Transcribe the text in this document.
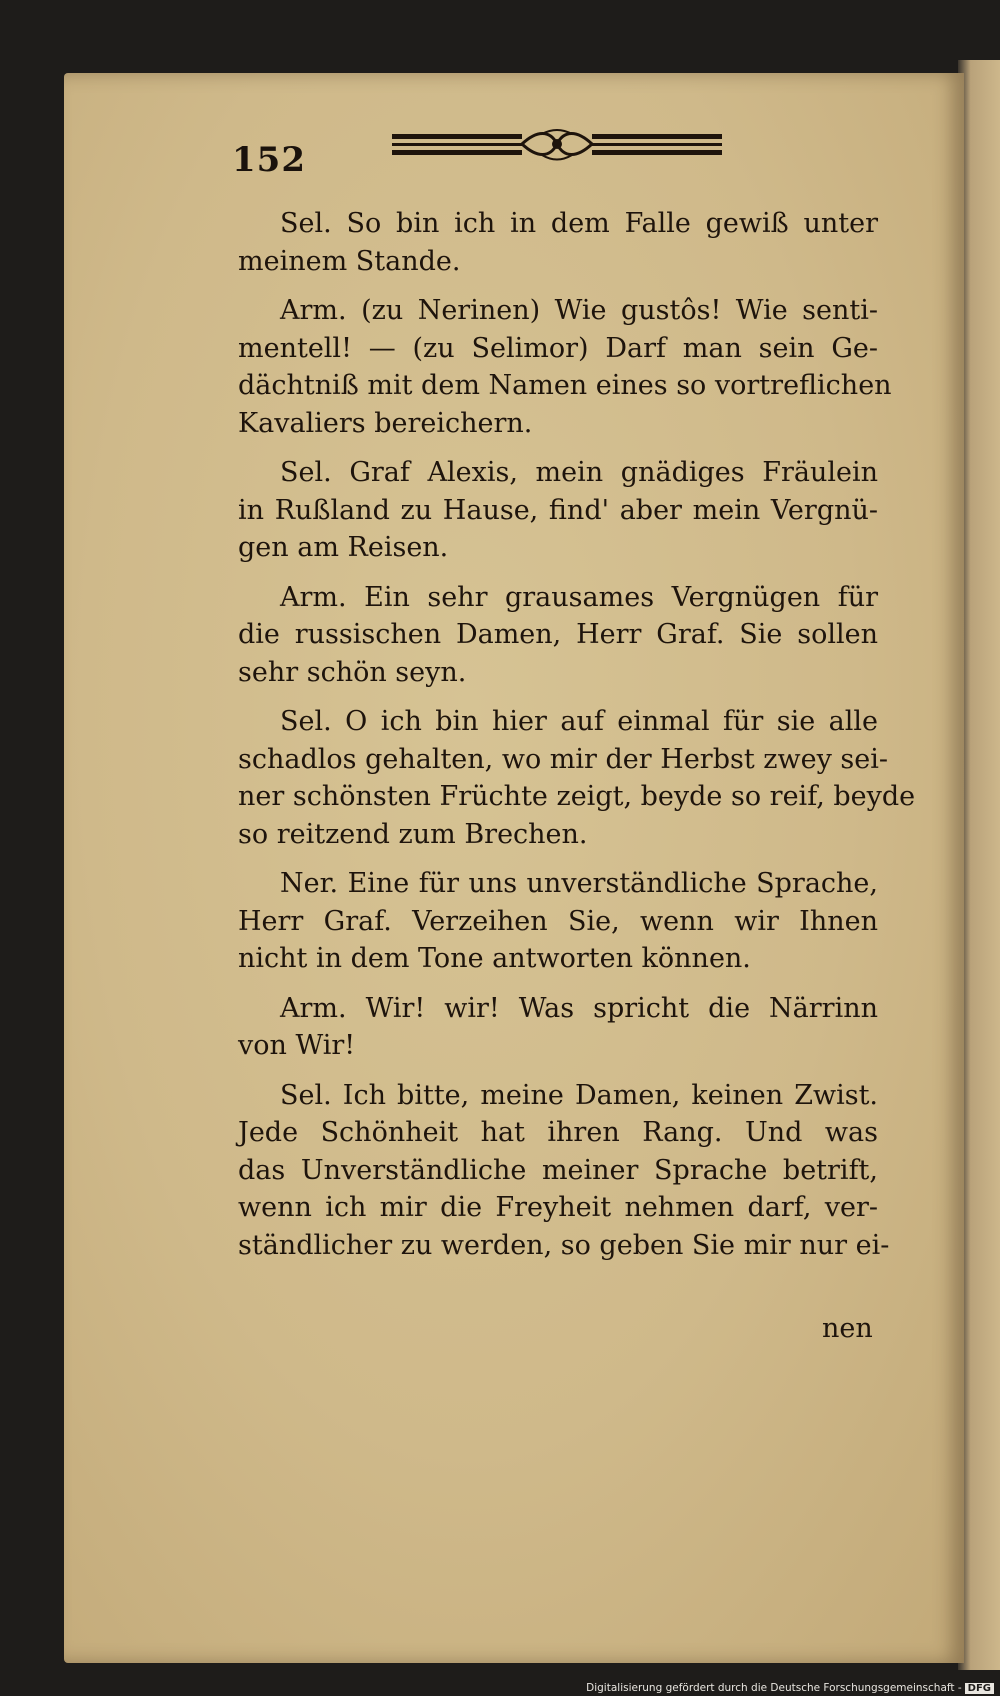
152
Sel. So bin ich in dem Falle gewiß unter
meinem Stande.
Arm. (zu Nerinen) Wie gustôs! Wie senti-
mentell! — (zu Selimor) Darf man sein Ge-
dächtniß mit dem Namen eines so vortreflichen
Kavaliers bereichern.
Sel. Graf Alexis, mein gnädiges Fräulein
in Rußland zu Hause, find' aber mein Vergnü-
gen am Reisen.
Arm. Ein sehr grausames Vergnügen für
die russischen Damen, Herr Graf. Sie sollen
sehr schön seyn.
Sel. O ich bin hier auf einmal für sie alle
schadlos gehalten, wo mir der Herbst zwey sei-
ner schönsten Früchte zeigt, beyde so reif, beyde
so reitzend zum Brechen.
Ner. Eine für uns unverständliche Sprache,
Herr Graf. Verzeihen Sie, wenn wir Ihnen
nicht in dem Tone antworten können.
Arm. Wir! wir! Was spricht die Närrinn
von Wir!
Sel. Ich bitte, meine Damen, keinen Zwist.
Jede Schönheit hat ihren Rang. Und was
das Unverständliche meiner Sprache betrift,
wenn ich mir die Freyheit nehmen darf, ver-
ständlicher zu werden, so geben Sie mir nur ei-
nen
Digitalisierung gefördert durch die Deutsche Forschungsgemeinschaft - DFG
